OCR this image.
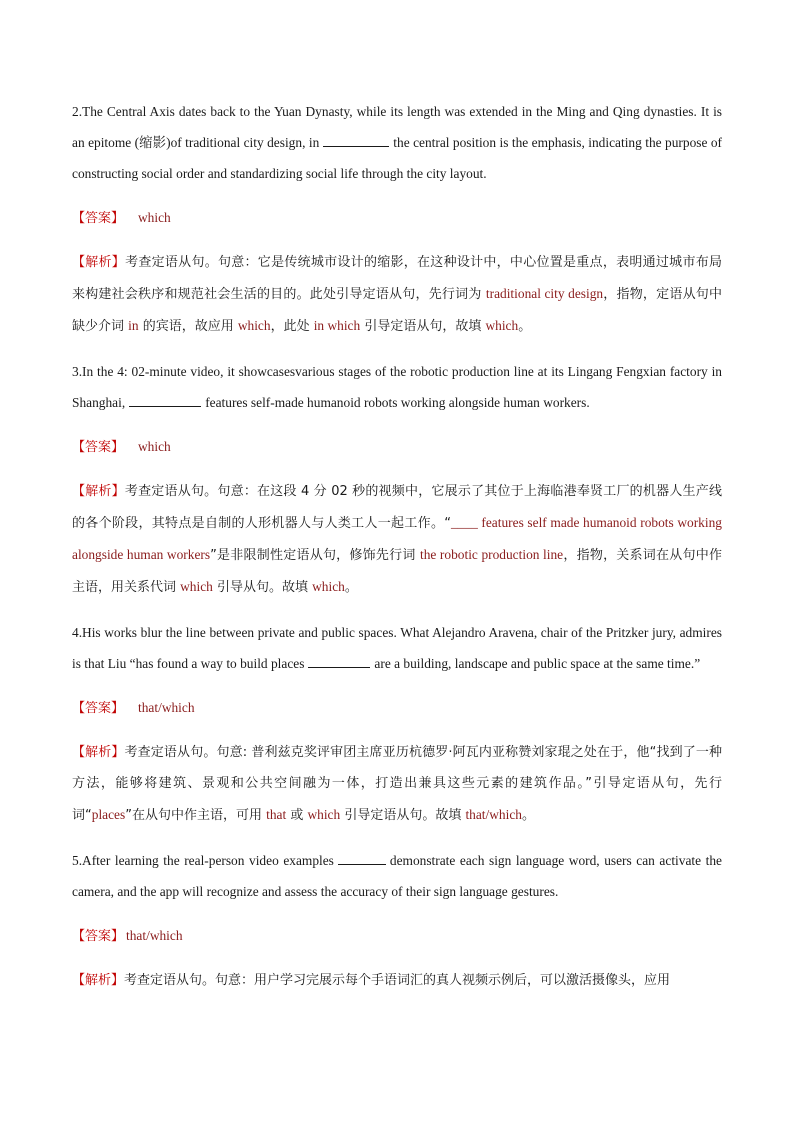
2.The Central Axis dates back to the Yuan Dynasty, while its length was extended in the Ming and Qing dynasties. It is an epitome (缩影)of traditional city design, in	the central position is the emphasis, indicating the purpose of constructing social order and standardizing social life through the city layout.

【答案】 which

【解析】考查定语从句。句意：它是传统城市设计的缩影，在这种设计中，中心位置是重点，表明通过城市布局来构建社会秩序和规范社会生活的目的。此处引导定语从句，先行词为 traditional city design，指物，定语从句中缺少介词 in 的宾语，故应用 which，此处 in which 引导定语从句，故填 which。

3.In the 4: 02-minute video, it showcasesvarious stages of the robotic production line at its Lingang Fengxian factory in Shanghai,	features self-made humanoid robots working alongside human workers.

【答案】 which

【解析】考查定语从句。句意：在这段 4 分 02 秒的视频中，它展示了其位于上海临港奉贤工厂的机器人生产线的各个阶段，其特点是自制的人形机器人与人类工人一起工作。“____ features self made humanoid robots working alongside human workers”是非限制性定语从句，修饰先行词 the robotic production line，指物，关系词在从句中作主语，用关系代词 which 引导从句。故填 which。

4.His works blur the line between private and public spaces. What Alejandro Aravena, chair of the Pritzker jury, admires is that Liu “has found a way to build places	are a building, landscape and public space at the same time.”

【答案】 that/which

【解析】考查定语从句。句意: 普利兹克奖评审团主席亚历杭德罗·阿瓦内亚称赞刘家琨之处在于，他“找到了一种方法，能够将建筑、景观和公共空间融为一体，打造出兼具这些元素的建筑作品。”引导定语从句，先行词“places”在从句中作主语，可用 that 或 which 引导定语从句。故填 that/which。

5.After learning the real-person video examples	demonstrate each sign language word, users can activate the camera, and the app will recognize and assess the accuracy of their sign language gestures.

【答案】 that/which

【解析】考查定语从句。句意：用户学习完展示每个手语词汇的真人视频示例后，可以激活摄像头，应用
